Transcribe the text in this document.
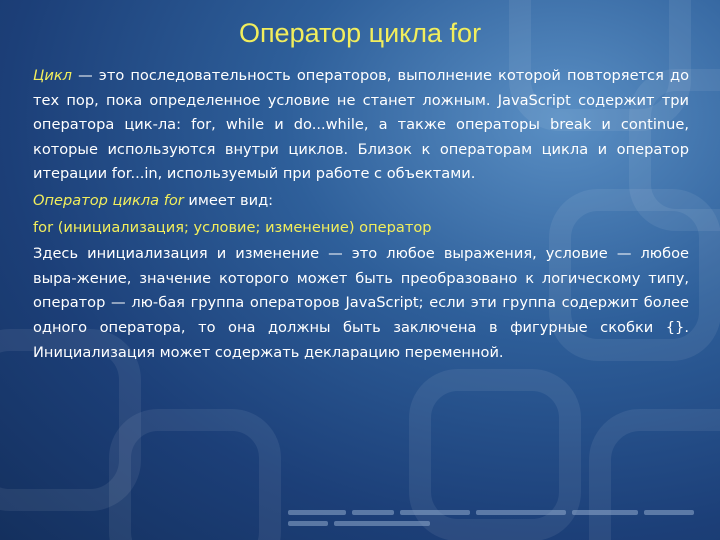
Оператор цикла for

Цикл — это последовательность операторов, выполнение которой повторяется до тех пор, пока определенное условие не станет ложным. JavaScript содержит три оператора цик-ла: for, while и do...while, а также операторы break и continue, которые используются внутри циклов. Близок к операторам цикла и оператор итерации for...in, используемый при работе с объектами.

Оператор цикла for имеет вид:

for (инициализация; условие; изменение) оператор

Здесь инициализация и изменение — это любое выражения, условие — любое выра-жение, значение которого может быть преобразовано к логическому типу, оператор — лю-бая группа операторов JavaScript; если эти группа содержит более одного оператора, то она должны быть заключена в фигурные скобки {}. Инициализация может содержать декларацию переменной.
